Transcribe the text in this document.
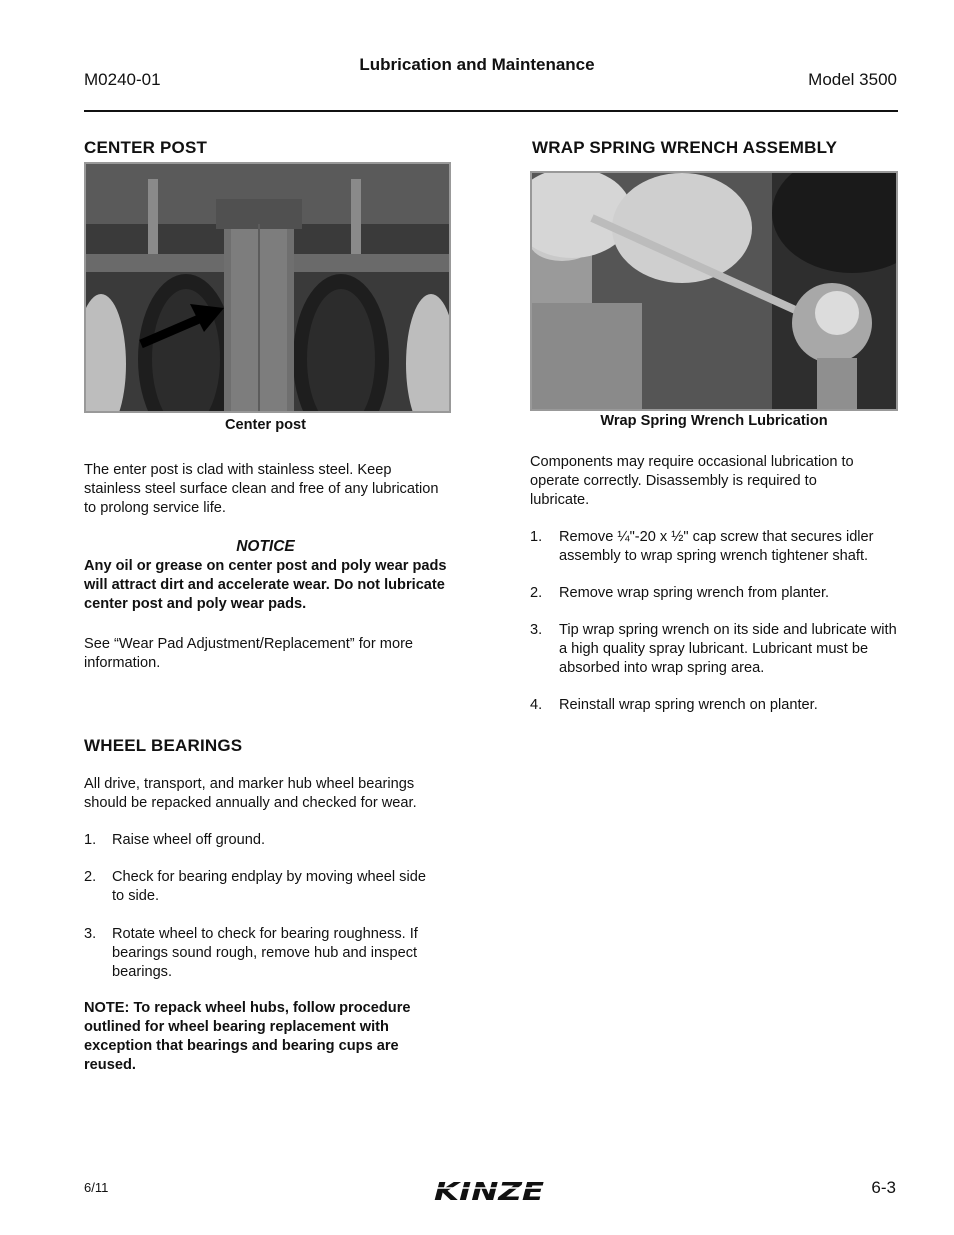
Lubrication and Maintenance
M0240-01	Model 3500
CENTER POST
Center post

The enter post is clad with stainless steel. Keep stainless steel surface clean and free of any lubrication to prolong service life.

NOTICE

Any oil or grease on center post and poly wear pads will attract dirt and accelerate wear. Do not lubricate center post and poly wear pads.

See “Wear Pad Adjustment/Replacement” for more information.

WHEEL BEARINGS

All drive, transport, and marker hub wheel bearings should be repacked annually and checked for wear.

1.	Raise wheel off ground.
2.	Check for bearing endplay by moving wheel side to side.
3.	Rotate wheel to check for bearing roughness. If bearings sound rough, remove hub and inspect bearings.

NOTE: To repack wheel hubs, follow procedure outlined for wheel bearing replacement with exception that bearings and bearing cups are reused.

WRAP SPRING WRENCH ASSEMBLY
Wrap Spring Wrench Lubrication

Components may require occasional lubrication to operate correctly. Disassembly is required to lubricate.

1.	Remove ¼"-20 x ½" cap screw that secures idler assembly to wrap spring wrench tightener shaft.
2.	Remove wrap spring wrench from planter.
3.	Tip wrap spring wrench on its side and lubricate with a high quality spray lubricant. Lubricant must be absorbed into wrap spring area.
4.	Reinstall wrap spring wrench on planter.
6/11	KINZE	6-3
